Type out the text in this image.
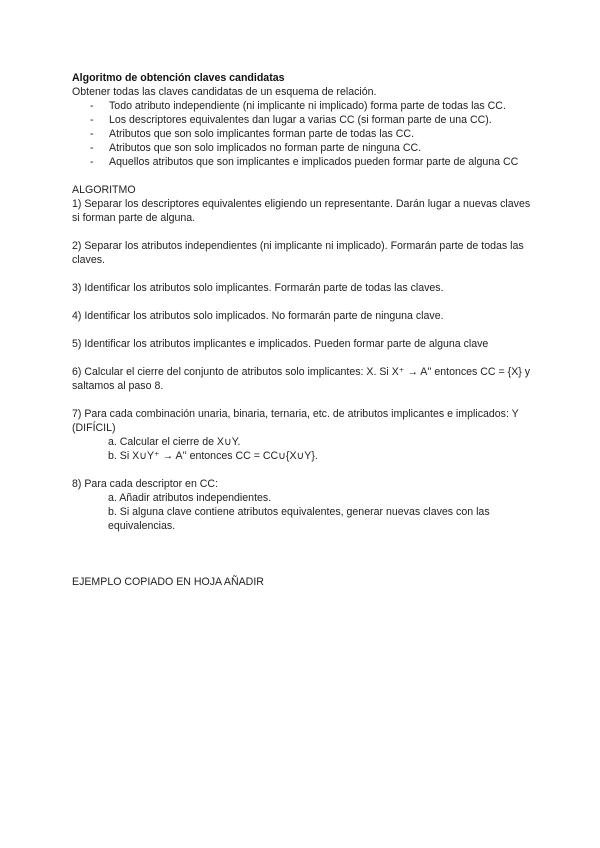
Algoritmo de obtención claves candidatas
Obtener todas las claves candidatas de un esquema de relación.
- Todo atributo independiente (ni implicante ni implicado) forma parte de todas las CC.
- Los descriptores equivalentes dan lugar a varias CC (si forman parte de una CC).
- Atributos que son solo implicantes forman parte de todas las CC.
- Atributos que son solo implicados no forman parte de ninguna CC.
- Aquellos atributos que son implicantes e implicados pueden formar parte de alguna CC
ALGORITMO
1) Separar los descriptores equivalentes eligiendo un representante. Darán lugar a nuevas claves si forman parte de alguna.
2) Separar los atributos independientes (ni implicante ni implicado). Formarán parte de todas las claves.
3) Identificar los atributos solo implicantes. Formarán parte de todas las claves.
4) Identificar los atributos solo implicados. No formarán parte de ninguna clave.
5) Identificar los atributos implicantes e implicados. Pueden formar parte de alguna clave
6) Calcular el cierre del conjunto de atributos solo implicantes: X. Si X⁺ → A'' entonces CC = {X} y saltamos al paso 8.
7) Para cada combinación unaria, binaria, ternaria, etc. de atributos implicantes e implicados: Y (DIFÍCIL)
a. Calcular el cierre de X∪Y.
b. Si X∪Y⁺ → A'' entonces CC = CC∪{X∪Y}.
8) Para cada descriptor en CC:
a. Añadir atributos independientes.
b. Si alguna clave contiene atributos equivalentes, generar nuevas claves con las equivalencias.
EJEMPLO COPIADO EN HOJA AÑADIR
